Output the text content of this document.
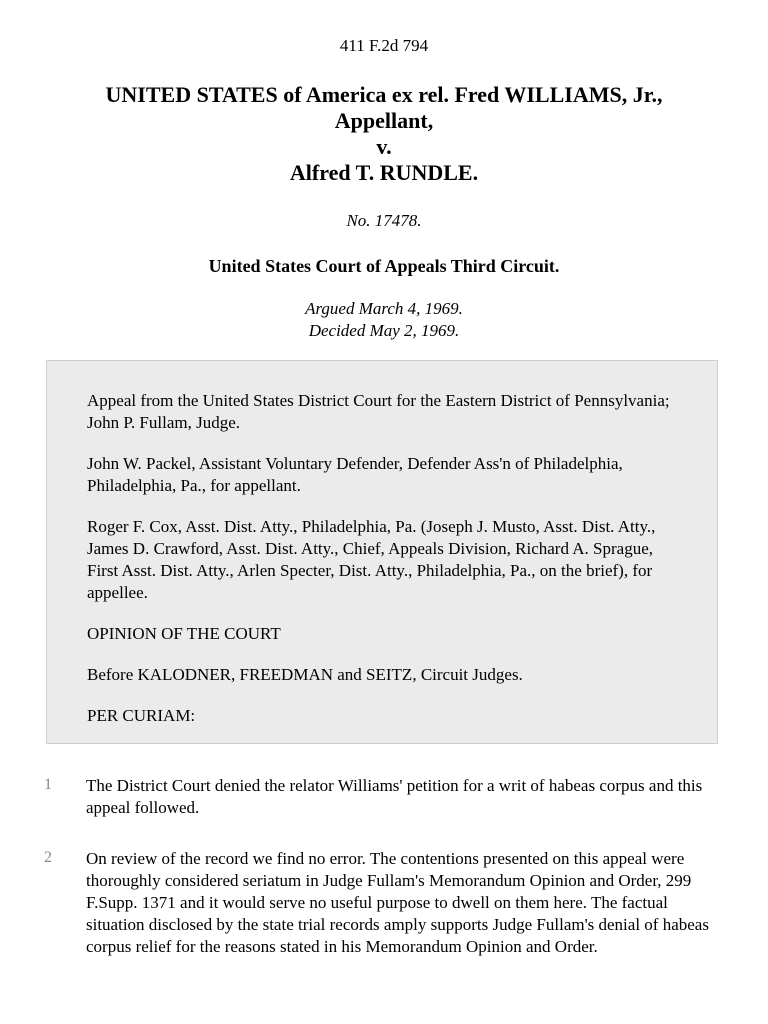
411 F.2d 794
UNITED STATES of America ex rel. Fred WILLIAMS, Jr.,
Appellant,
v.
Alfred T. RUNDLE.
No. 17478.
United States Court of Appeals Third Circuit.
Argued March 4, 1969.
Decided May 2, 1969.

Appeal from the United States District Court for the Eastern District of Pennsylvania; John P. Fullam, Judge.

John W. Packel, Assistant Voluntary Defender, Defender Ass'n of Philadelphia, Philadelphia, Pa., for appellant.

Roger F. Cox, Asst. Dist. Atty., Philadelphia, Pa. (Joseph J. Musto, Asst. Dist. Atty., James D. Crawford, Asst. Dist. Atty., Chief, Appeals Division, Richard A. Sprague, First Asst. Dist. Atty., Arlen Specter, Dist. Atty., Philadelphia, Pa., on the brief), for appellee.

OPINION OF THE COURT

Before KALODNER, FREEDMAN and SEITZ, Circuit Judges.

PER CURIAM:

1 The District Court denied the relator Williams' petition for a writ of habeas corpus and this appeal followed.

2 On review of the record we find no error. The contentions presented on this appeal were thoroughly considered seriatum in Judge Fullam's Memorandum Opinion and Order, 299 F.Supp. 1371 and it would serve no useful purpose to dwell on them here. The factual situation disclosed by the state trial records amply supports Judge Fullam's denial of habeas corpus relief for the reasons stated in his Memorandum Opinion and Order.
